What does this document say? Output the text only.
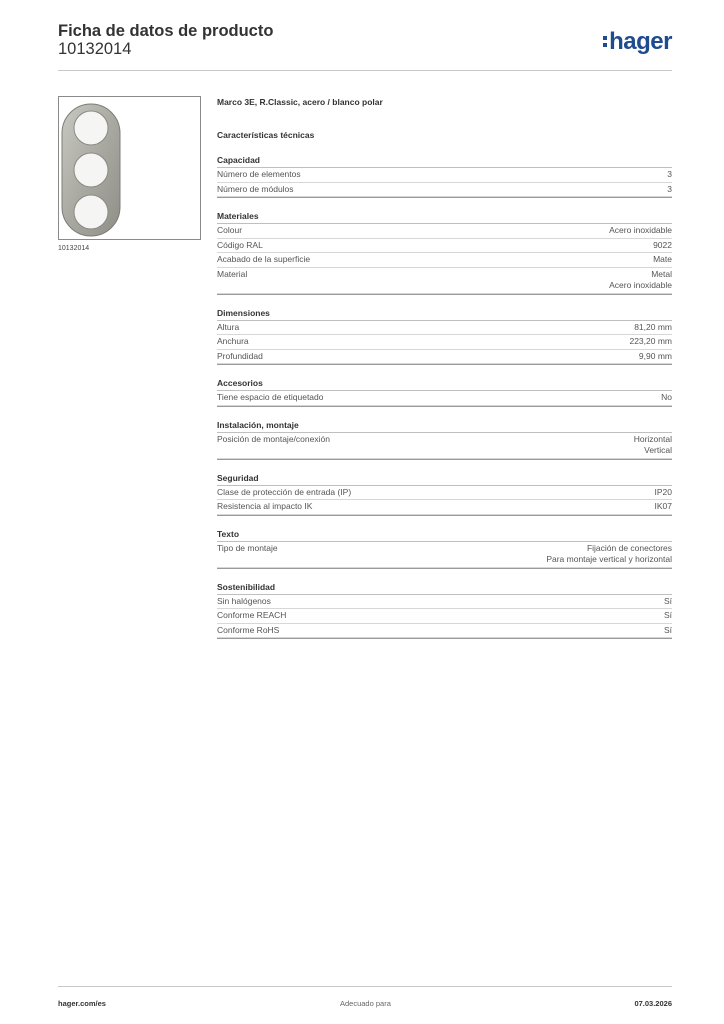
Ficha de datos de producto
10132014	hager
10132014
Marco 3E, R.Classic, acero / blanco polar
Características técnicas
Capacidad
Número de elementos	3
Número de módulos	3
Materiales
Colour	Acero inoxidable
Código RAL	9022
Acabado de la superficie	Mate
Material	Metal
Acero inoxidable
Dimensiones
Altura	81,20 mm
Anchura	223,20 mm
Profundidad	9,90 mm
Accesorios
Tiene espacio de etiquetado	No
Instalación, montaje
Posición de montaje/conexión	Horizontal
Vertical
Seguridad
Clase de protección de entrada (IP)	IP20
Resistencia al impacto IK	IK07
Texto
Tipo de montaje	Fijación de conectores
Para montaje vertical y horizontal
Sostenibilidad
Sin halógenos	Sí
Conforme REACH	Sí
Conforme RoHS	Sí
hager.com/es	Adecuado para	07.03.2026
